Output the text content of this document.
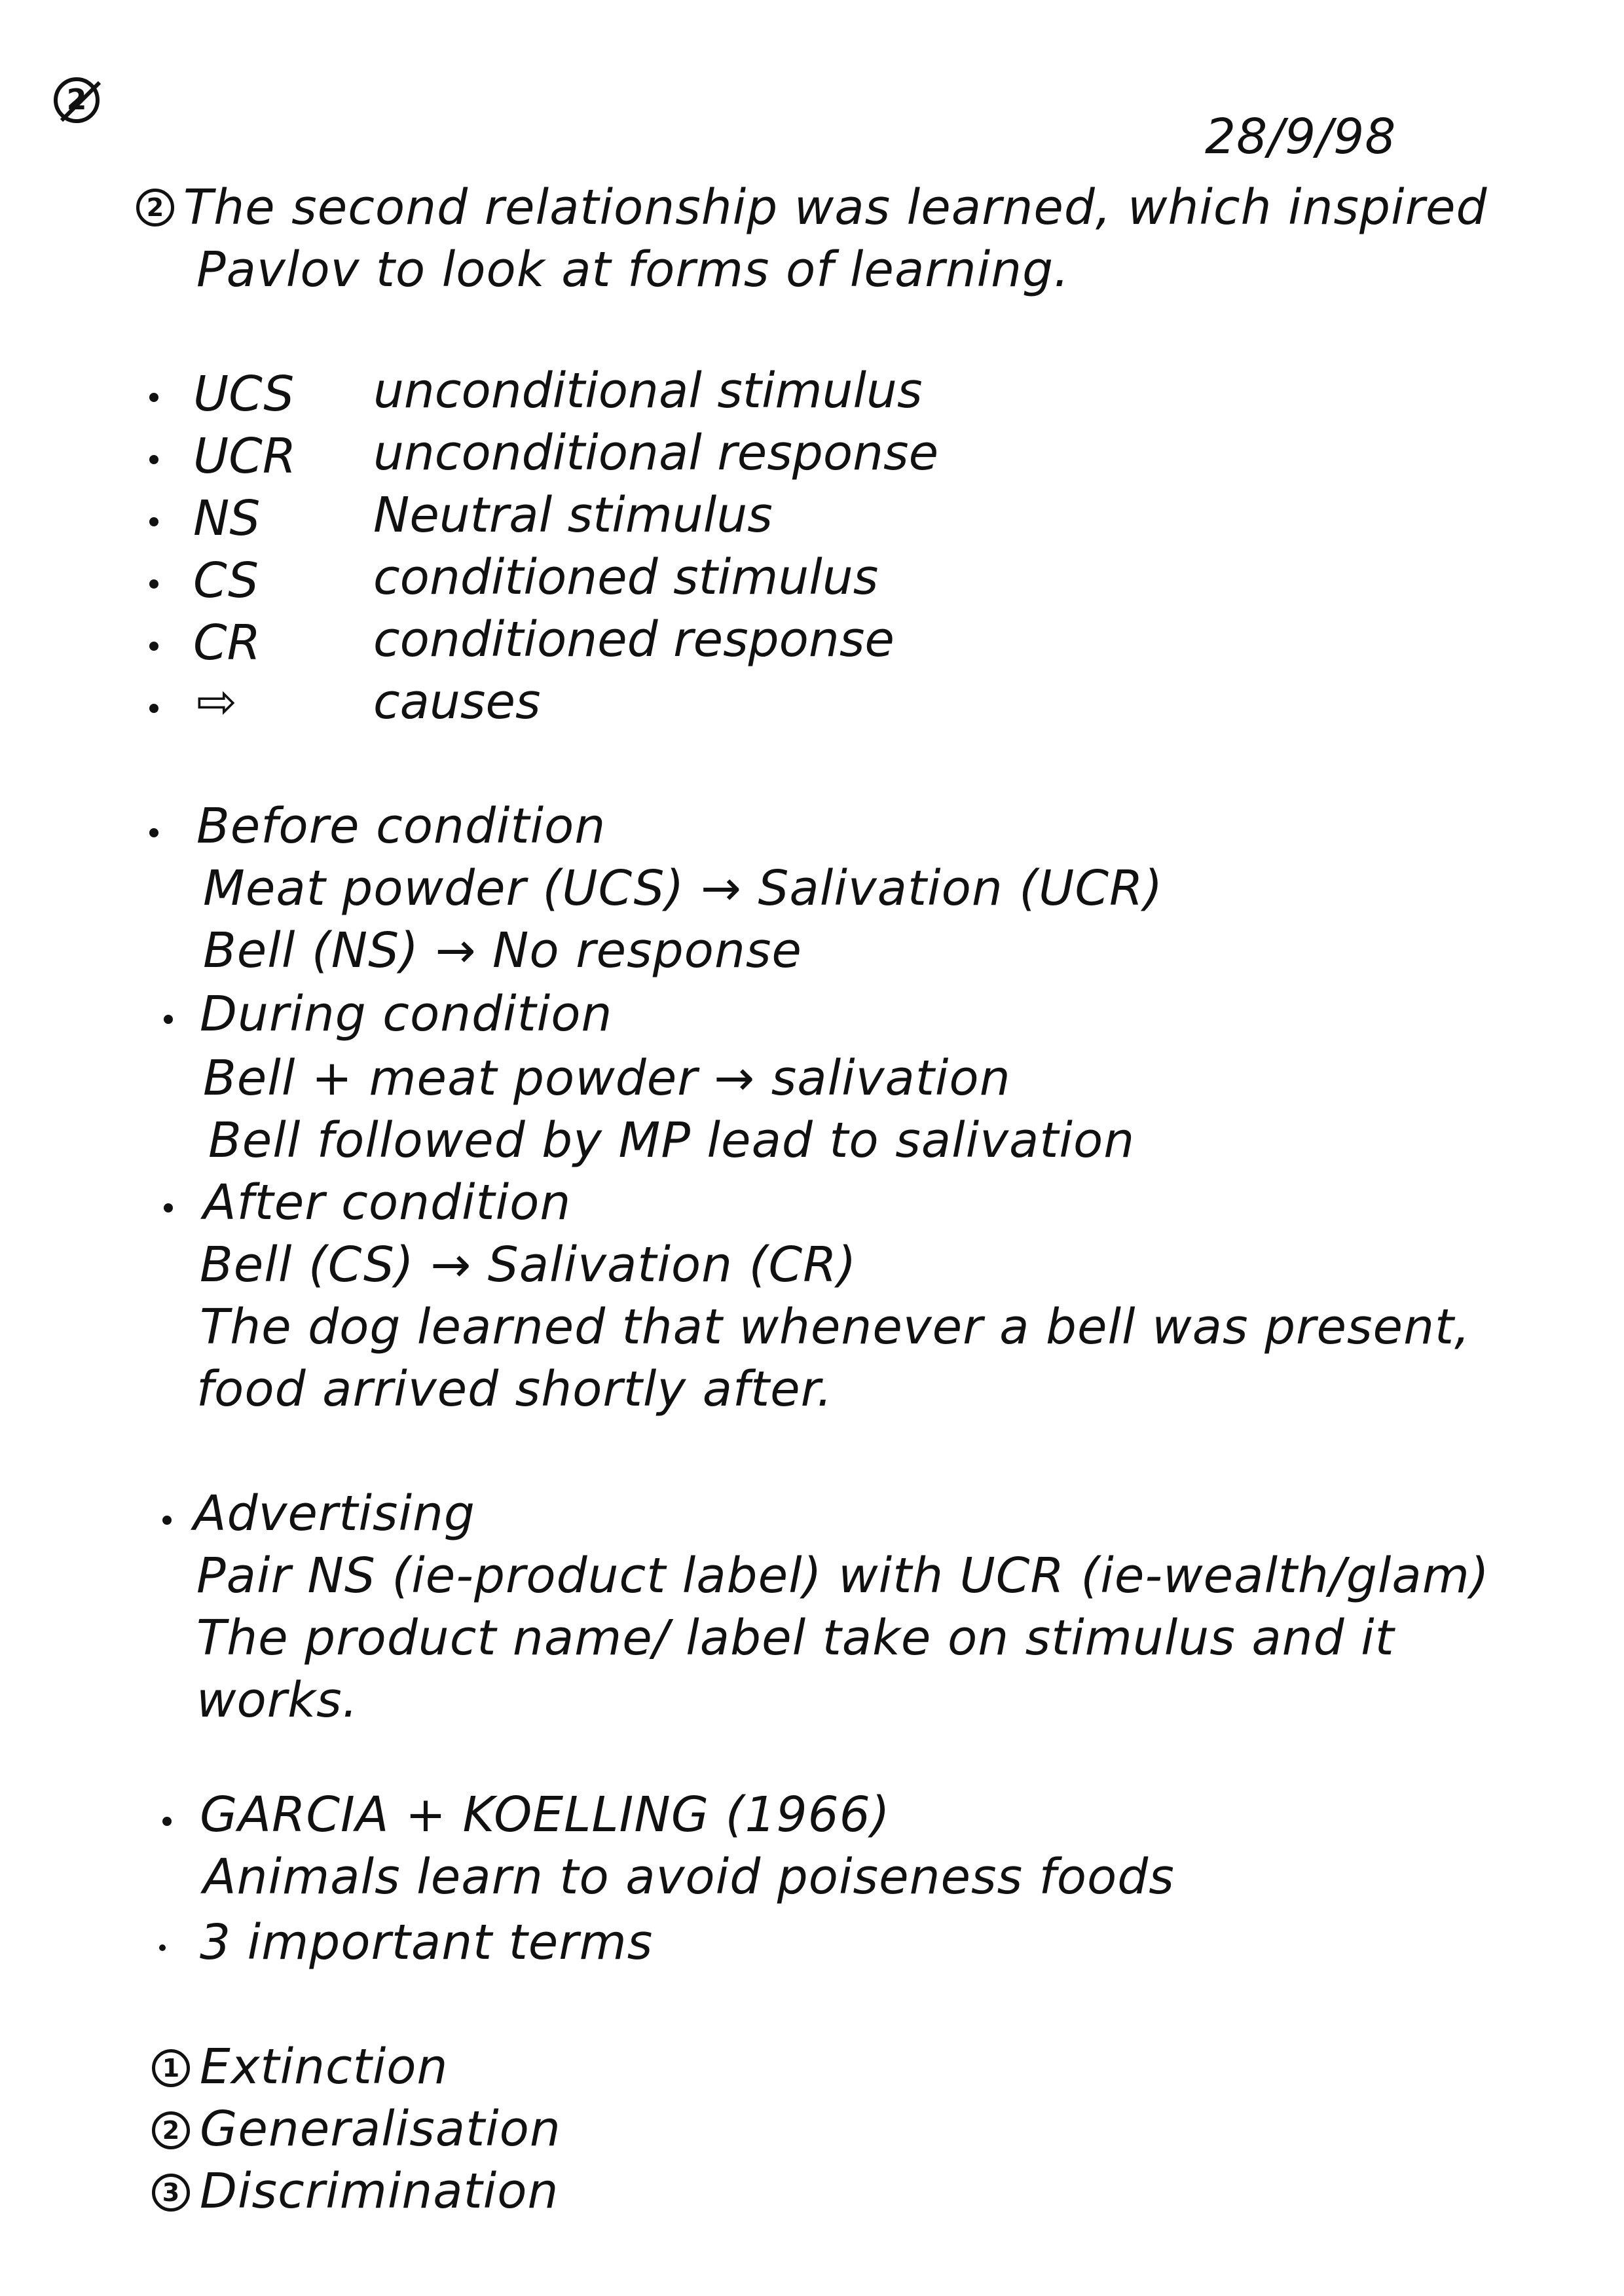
2
28/9/98
2 The second relationship was learned, which inspired
Pavlov to look at forms of learning.
UCS unconditional stimulus
UCR unconditional response
NS Neutral stimulus
CS conditioned stimulus
CR conditioned response
⇨	causes
Before condition
Meat powder (UCS) → Salivation (UCR)
Bell (NS) → No response
During condition
Bell + meat powder → salivation
Bell followed by MP lead to salivation
After condition
Bell (CS) → Salivation (CR)
The dog learned that whenever a bell was present,
food arrived shortly after.
Advertising
Pair NS (ie-product label) with UCR (ie-wealth/glam)
The product name/ label take on stimulus and it
works.
GARCIA + KOELLING (1966)
Animals learn to avoid poiseness foods
3 important terms
1 Extinction
2 Generalisation
3 Discrimination
